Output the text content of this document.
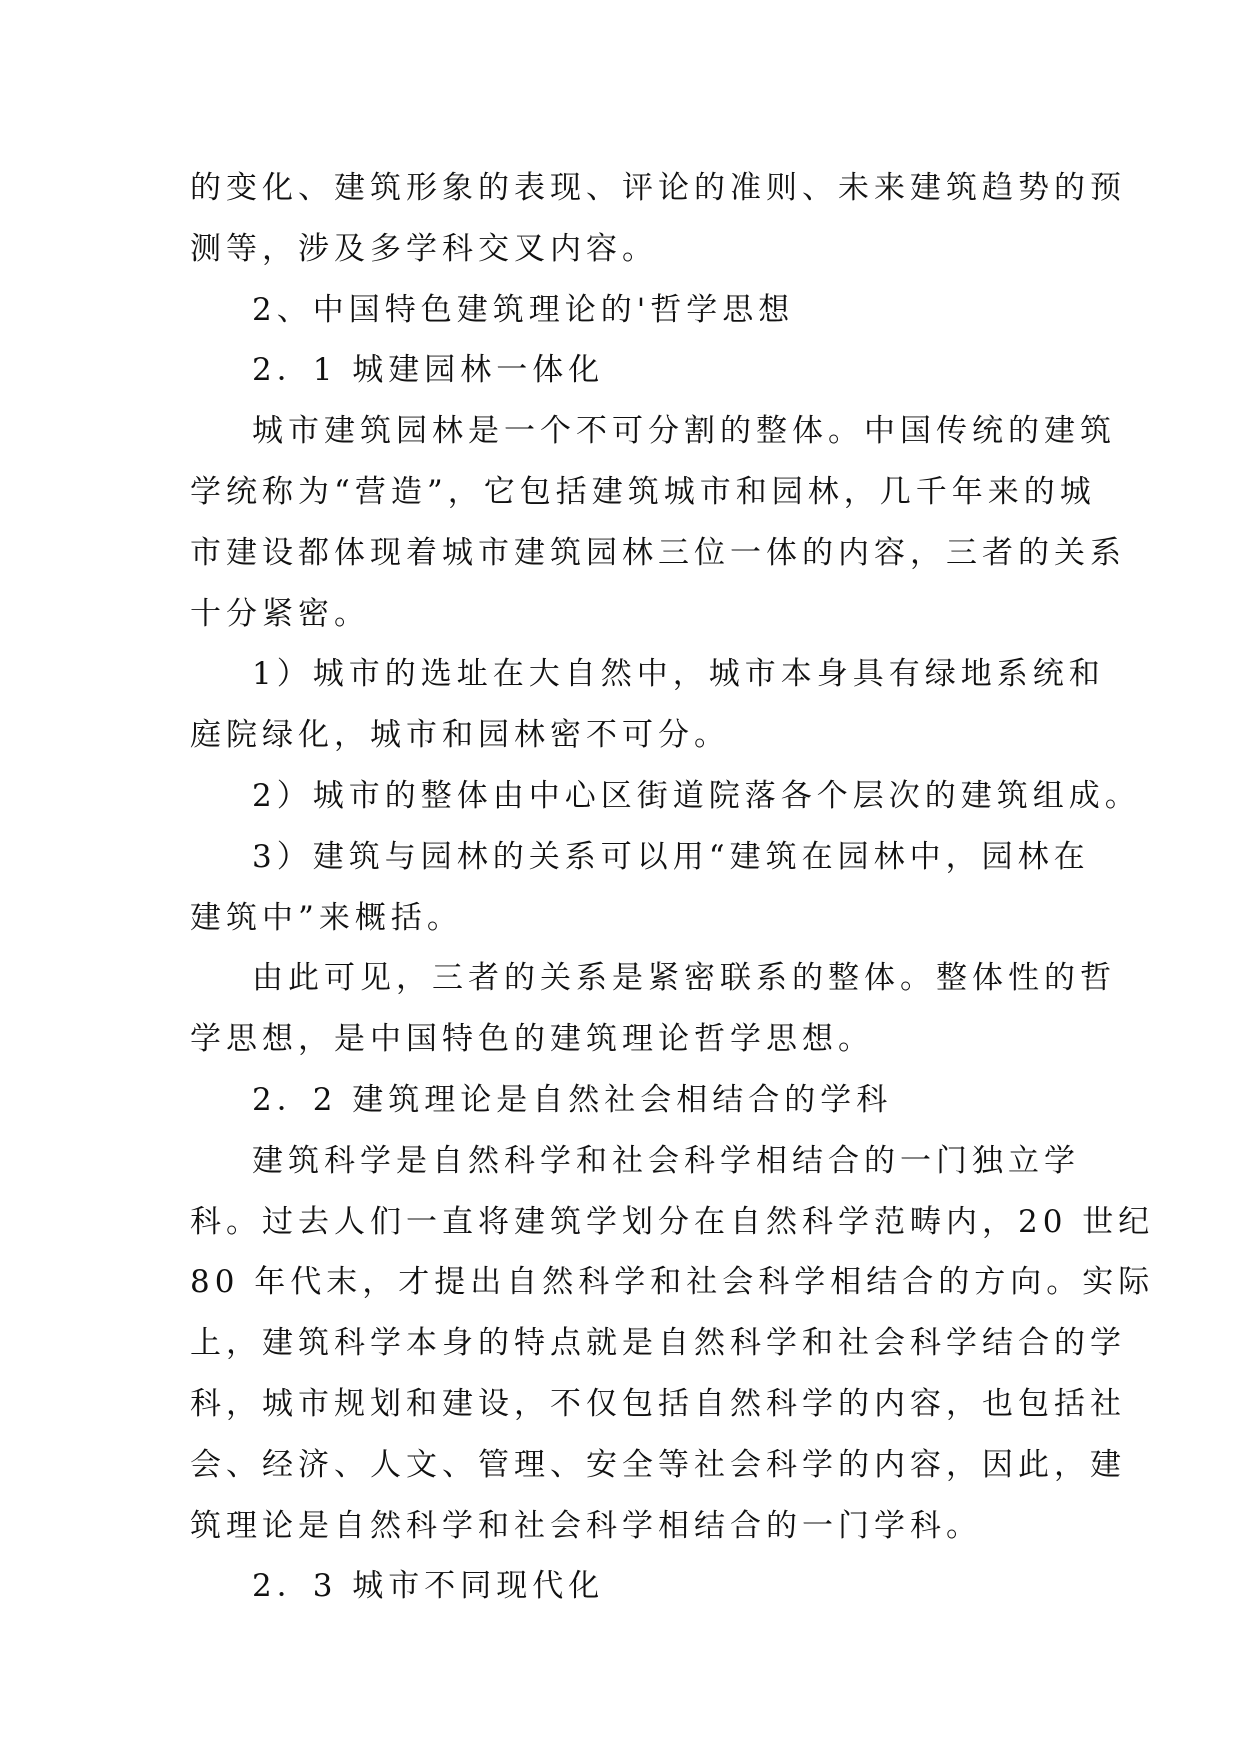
的变化、建筑形象的表现、评论的准则、未来建筑趋势的预
测等，涉及多学科交叉内容。
2、中国特色建筑理论的'哲学思想
2．1 城建园林一体化
城市建筑园林是一个不可分割的整体。中国传统的建筑
学统称为“营造”，它包括建筑城市和园林，几千年来的城
市建设都体现着城市建筑园林三位一体的内容，三者的关系
十分紧密。
1）城市的选址在大自然中，城市本身具有绿地系统和
庭院绿化，城市和园林密不可分。
2）城市的整体由中心区街道院落各个层次的建筑组成。
3）建筑与园林的关系可以用“建筑在园林中，园林在
建筑中”来概括。
由此可见，三者的关系是紧密联系的整体。整体性的哲
学思想，是中国特色的建筑理论哲学思想。
2．2 建筑理论是自然社会相结合的学科
建筑科学是自然科学和社会科学相结合的一门独立学
科。过去人们一直将建筑学划分在自然科学范畴内，20 世纪
80 年代末，才提出自然科学和社会科学相结合的方向。实际
上，建筑科学本身的特点就是自然科学和社会科学结合的学
科，城市规划和建设，不仅包括自然科学的内容，也包括社
会、经济、人文、管理、安全等社会科学的内容，因此，建
筑理论是自然科学和社会科学相结合的一门学科。
2．3 城市不同现代化
